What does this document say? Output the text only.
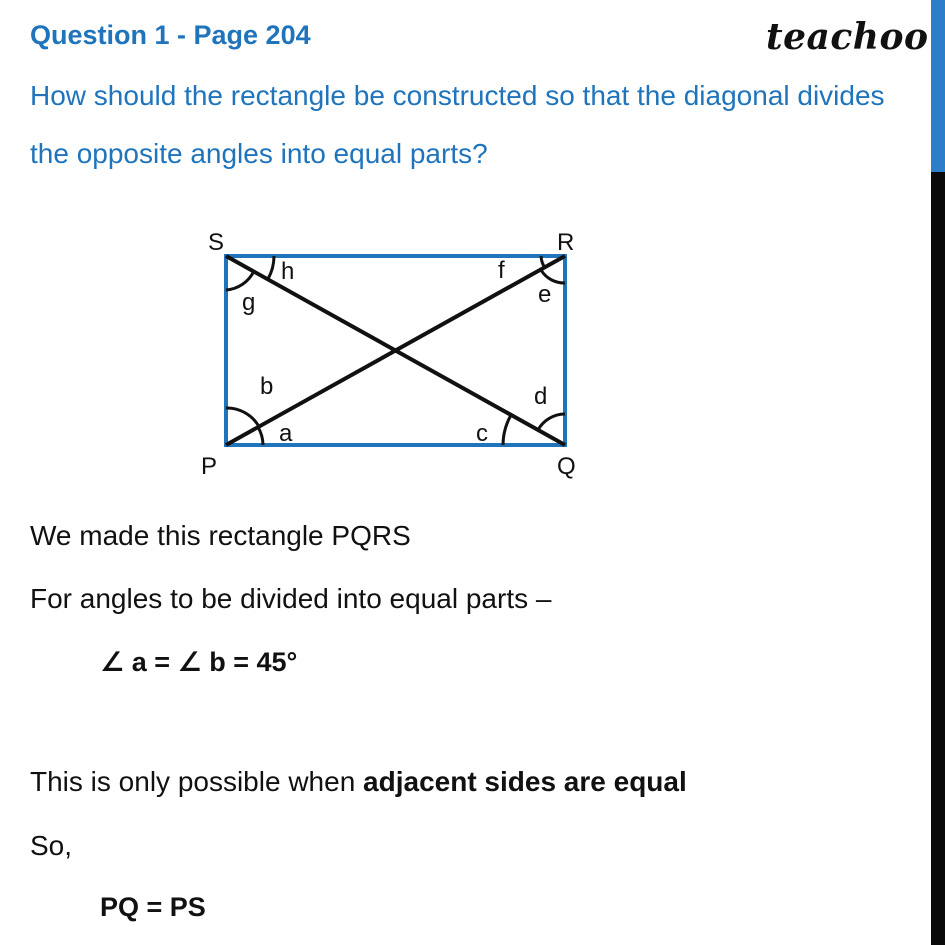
Question 1 - Page 204	teachoo
How should the rectangle be constructed so that the diagonal divides
the opposite angles into equal parts?
S	R
P	Q
a
b
c
d
e
f
g
h
We made this rectangle PQRS
For angles to be divided into equal parts –
∠ a = ∠ b = 45°
This is only possible when adjacent sides are equal
So,
PQ = PS
